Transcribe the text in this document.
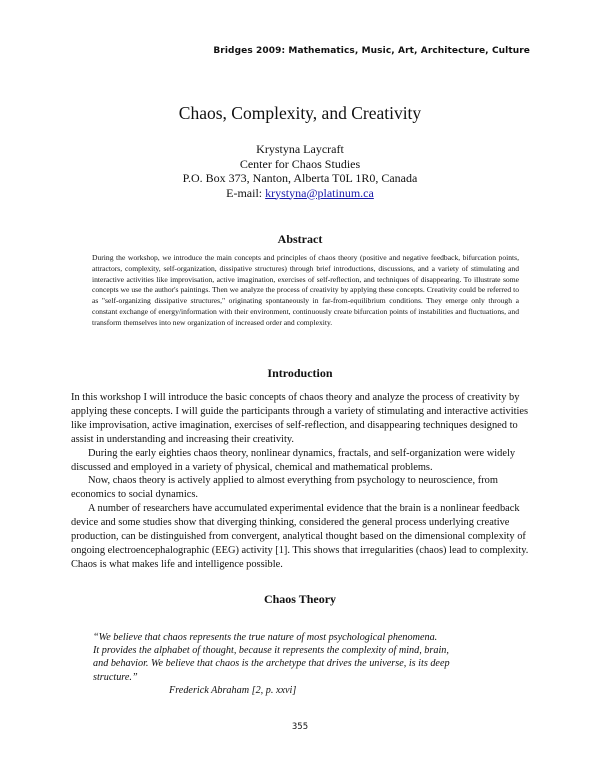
Bridges 2009: Mathematics, Music, Art, Architecture, Culture
Chaos, Complexity, and Creativity
Krystyna Laycraft
Center for Chaos Studies
P.O. Box 373, Nanton, Alberta T0L 1R0, Canada
E-mail: krystyna@platinum.ca
Abstract
During the workshop, we introduce the main concepts and principles of chaos theory (positive and negative feedback, bifurcation points, attractors, complexity, self-organization, dissipative structures) through brief introductions, discussions, and a variety of stimulating and interactive activities like improvisation, active imagination, exercises of self-reflection, and techniques of disappearing. To illustrate some concepts we use the author's paintings. Then we analyze the process of creativity by applying these concepts. Creativity could be referred to as "self-organizing dissipative structures," originating spontaneously in far-from-equilibrium conditions. They emerge only through a constant exchange of energy/information with their environment, continuously create bifurcation points of instabilities and fluctuations, and transform themselves into new organization of increased order and complexity.
Introduction

In this workshop I will introduce the basic concepts of chaos theory and analyze the process of creativity by applying these concepts. I will guide the participants through a variety of stimulating and interactive activities like improvisation, active imagination, exercises of self-reflection, and disappearing techniques designed to assist in understanding and increasing their creativity.

During the early eighties chaos theory, nonlinear dynamics, fractals, and self-organization were widely discussed and employed in a variety of physical, chemical and mathematical problems.

Now, chaos theory is actively applied to almost everything from psychology to neuroscience, from economics to social dynamics.

A number of researchers have accumulated experimental evidence that the brain is a nonlinear feedback device and some studies show that diverging thinking, considered the general process underlying creative production, can be distinguished from convergent, analytical thought based on the dimensional complexity of ongoing electroencephalographic (EEG) activity [1]. This shows that irregularities (chaos) lead to complexity. Chaos is what makes life and intelligence possible.

Chaos Theory
“We believe that chaos represents the true nature of most psychological phenomena.
It provides the alphabet of thought, because it represents the complexity of mind, brain,
and behavior. We believe that chaos is the archetype that drives the universe, is its deep
structure.”
Frederick Abraham [2, p. xxvi]
355
